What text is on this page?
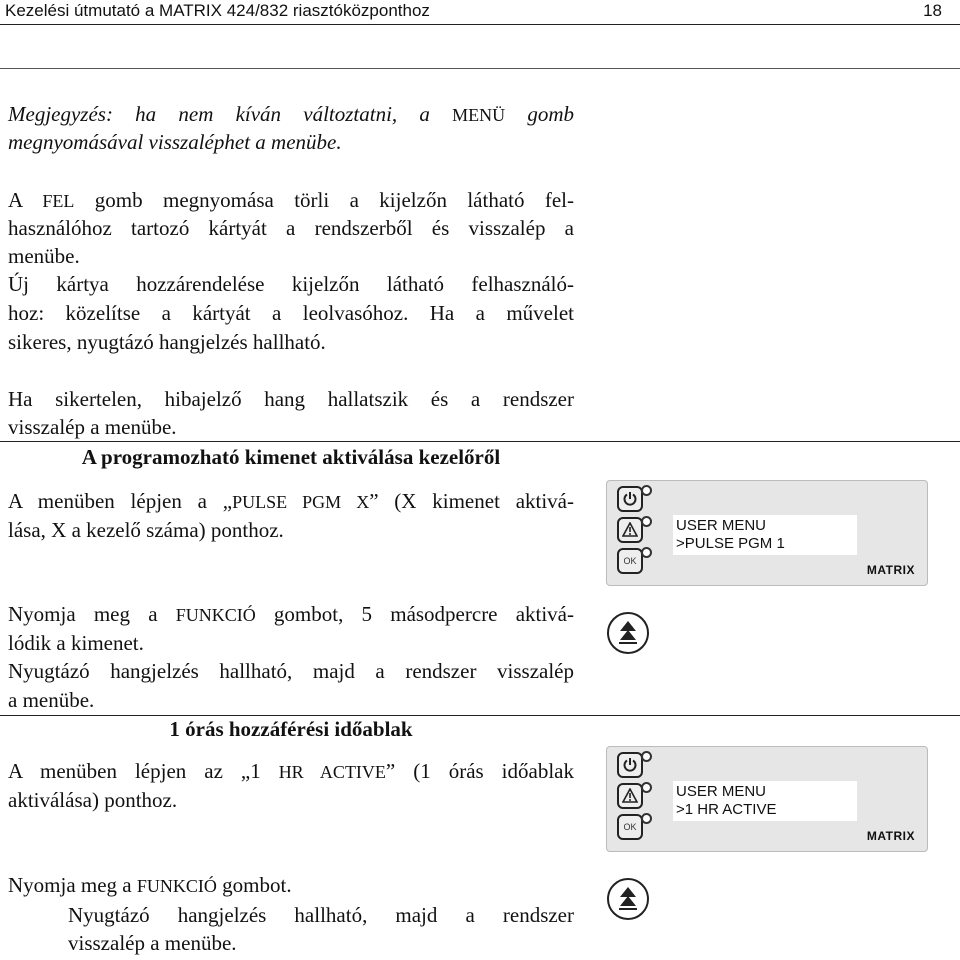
Kezelési útmutató a MATRIX 424/832 riasztóközponthoz	18
Megjegyzés: ha nem kíván változtatni, a MENÜ gomb
megnyomásával visszaléphet a menübe.
A FEL gomb megnyomása törli a kijelzőn látható fel-
használóhoz tartozó kártyát a rendszerből és visszalép a
menübe.
Új kártya hozzárendelése kijelzőn látható felhasználó-
hoz: közelítse a kártyát a leolvasóhoz. Ha a művelet
sikeres, nyugtázó hangjelzés hallható.
Ha sikertelen, hibajelző hang hallatszik és a rendszer
visszalép a menübe.
A programozható kimenet aktiválása kezelőről
A menüben lépjen a „PULSE PGM X” (X kimenet aktivá-
lása, X a kezelő száma) ponthoz.
OK
USER MENU
>PULSE PGM 1
MATRIX
Nyomja meg a FUNKCIÓ gombot, 5 másodpercre aktivá-
lódik a kimenet.
Nyugtázó hangjelzés hallható, majd a rendszer visszalép
a menübe.
1 órás hozzáférési időablak
A menüben lépjen az „1 HR ACTIVE” (1 órás időablak
aktiválása) ponthoz.
OK
USER MENU
>1 HR ACTIVE
MATRIX
Nyomja meg a FUNKCIÓ gombot.
Nyugtázó hangjelzés hallható, majd a rendszer
visszalép a menübe.
